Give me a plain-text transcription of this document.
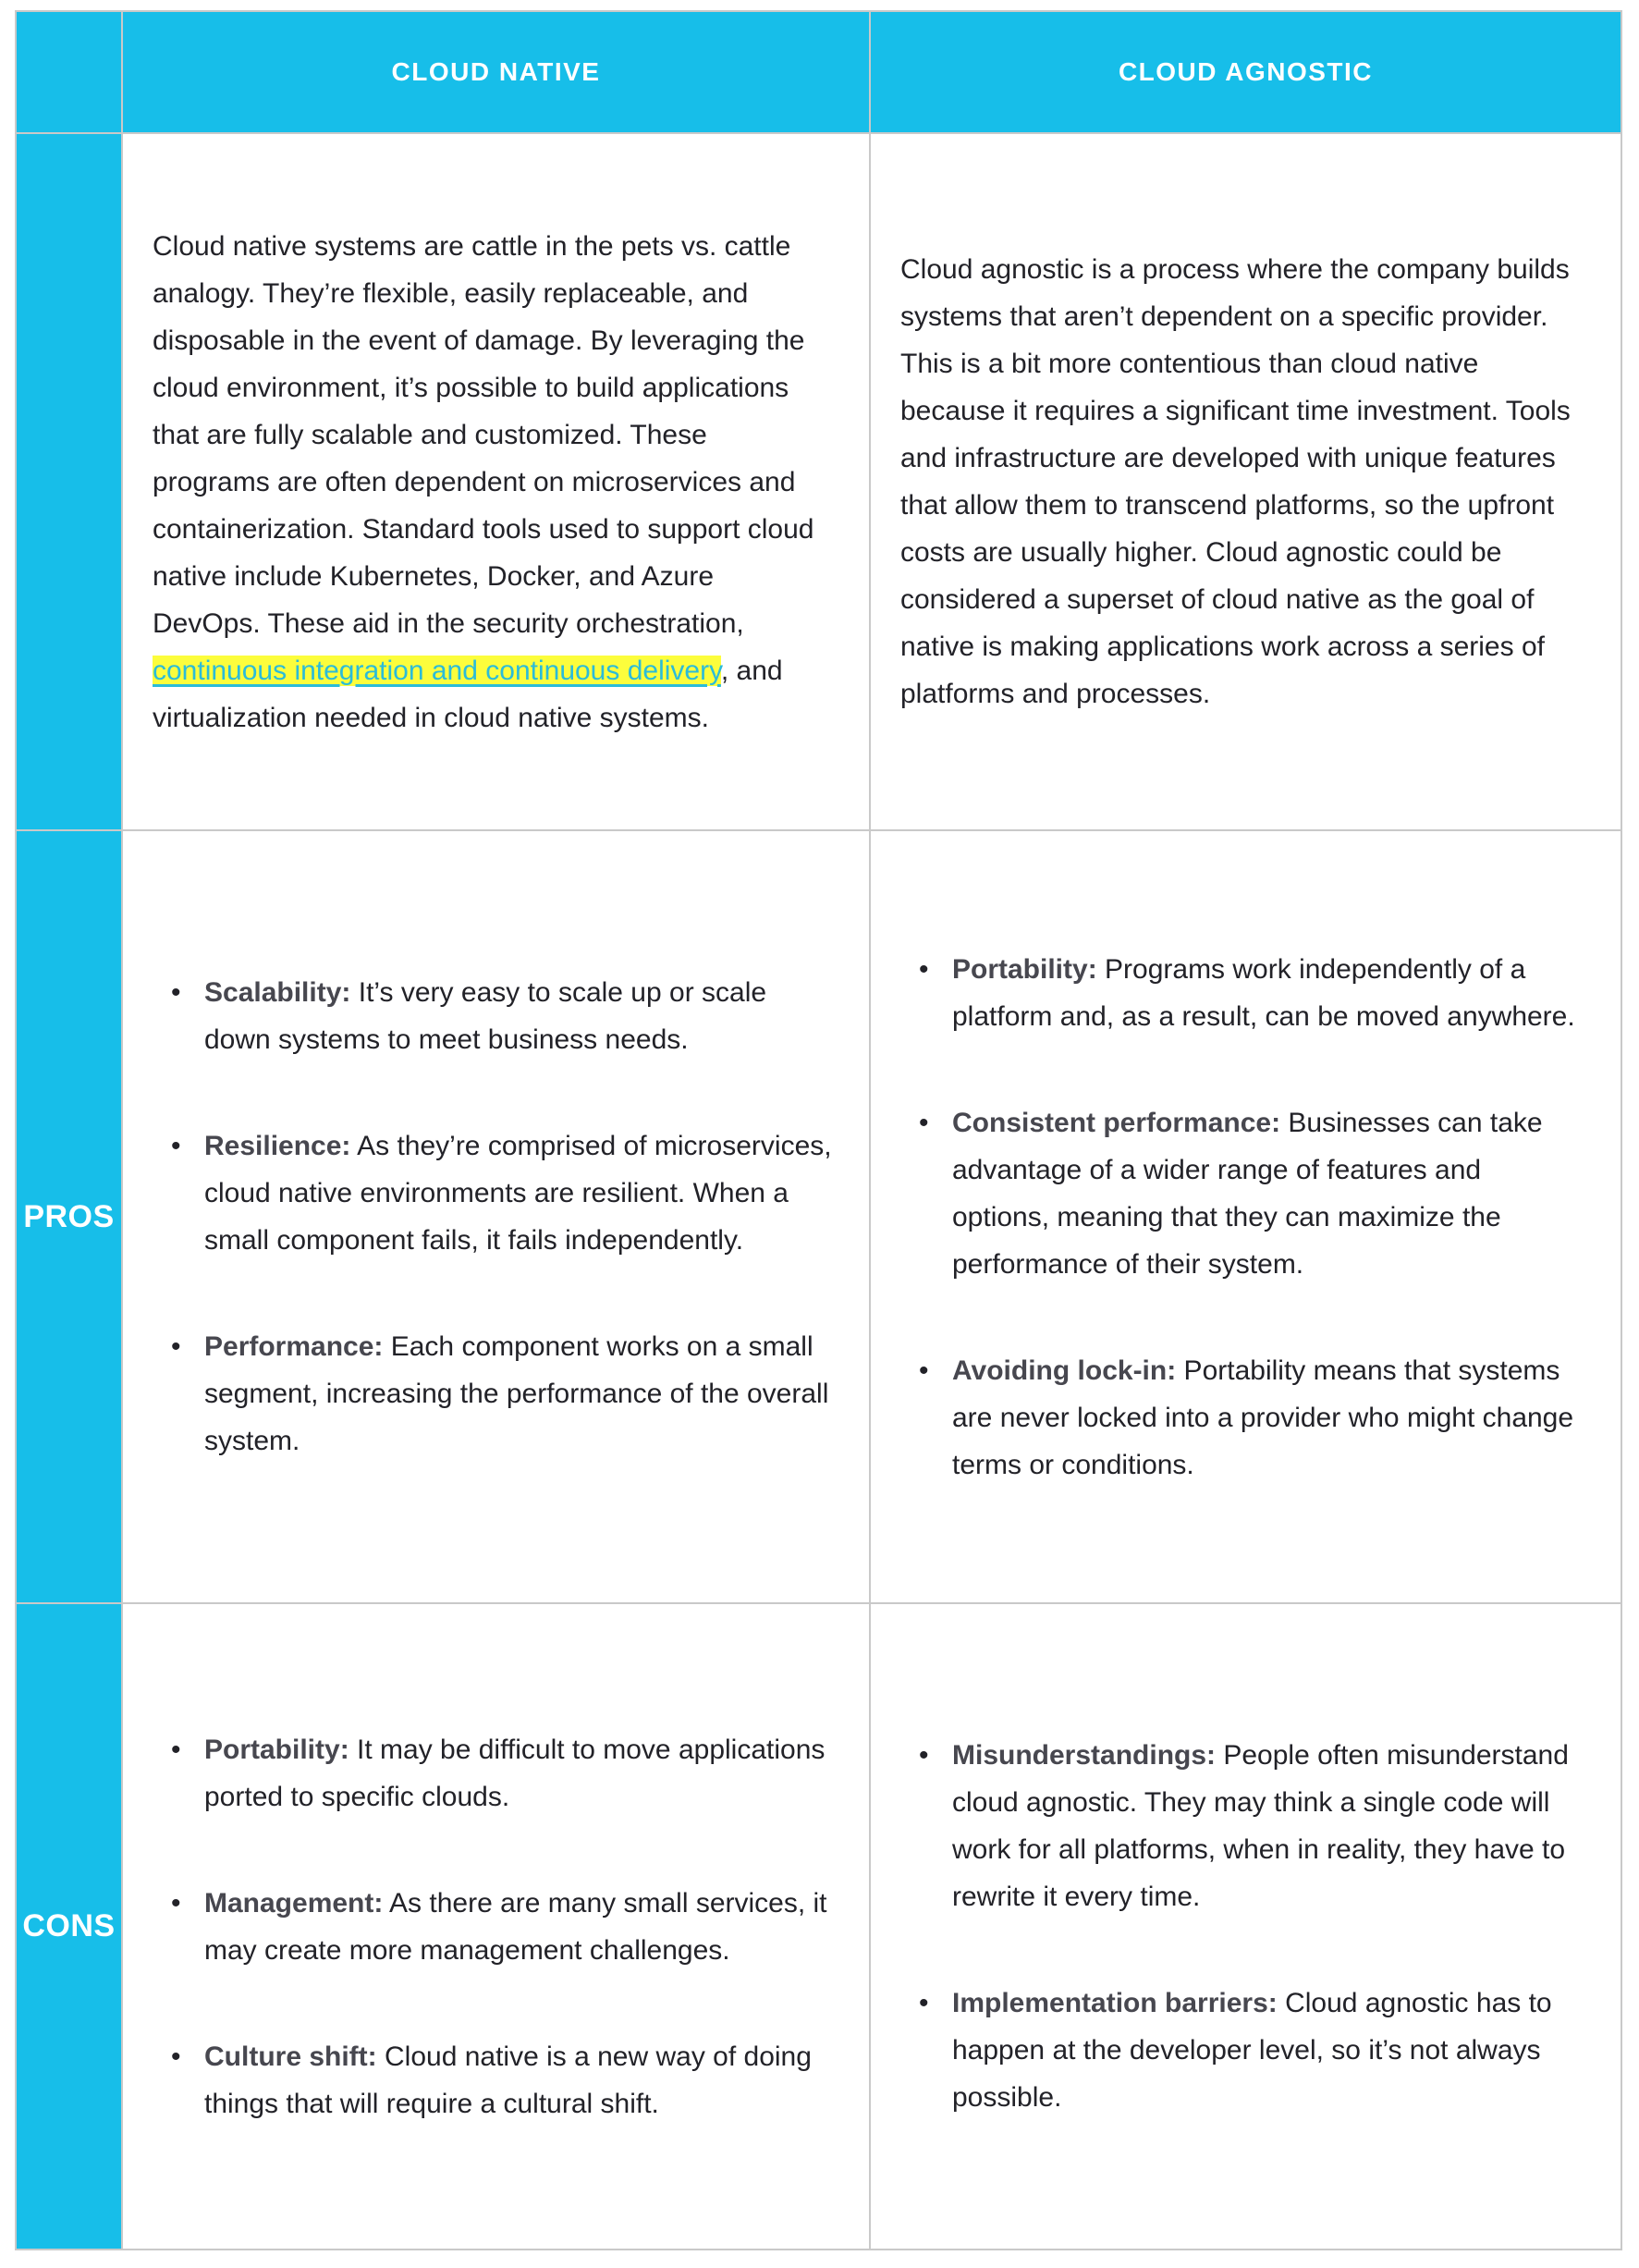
CLOUD NATIVE	CLOUD AGNOSTIC

Cloud native systems are cattle in the pets vs. cattle analogy. They’re flexible, easily replaceable, and disposable in the event of damage. By leveraging the cloud environment, it’s possible to build applications that are fully scalable and customized. These programs are often dependent on microservices and containerization. Standard tools used to support cloud native include Kubernetes, Docker, and Azure DevOps. These aid in the security orchestration, continuous integration and continuous delivery, and virtualization needed in cloud native systems.

Cloud agnostic is a process where the company builds systems that aren’t dependent on a specific provider. This is a bit more contentious than cloud native because it requires a significant time investment. Tools and infrastructure are developed with unique features that allow them to transcend platforms, so the upfront costs are usually higher. Cloud agnostic could be considered a superset of cloud native as the goal of native is making applications work across a series of platforms and processes.

PROS
• Scalability: It’s very easy to scale up or scale down systems to meet business needs.
• Resilience: As they’re comprised of microservices, cloud native environments are resilient. When a small component fails, it fails independently.
• Performance: Each component works on a small segment, increasing the performance of the overall system.
• Portability: Programs work independently of a platform and, as a result, can be moved anywhere.
• Consistent performance: Businesses can take advantage of a wider range of features and options, meaning that they can maximize the performance of their system.
• Avoiding lock-in: Portability means that systems are never locked into a provider who might change terms or conditions.
CONS
• Portability: It may be difficult to move applications ported to specific clouds.
• Management: As there are many small services, it may create more management challenges.
• Culture shift: Cloud native is a new way of doing things that will require a cultural shift.
• Misunderstandings: People often misunderstand cloud agnostic. They may think a single code will work for all platforms, when in reality, they have to rewrite it every time.
• Implementation barriers: Cloud agnostic has to happen at the developer level, so it’s not always possible.
